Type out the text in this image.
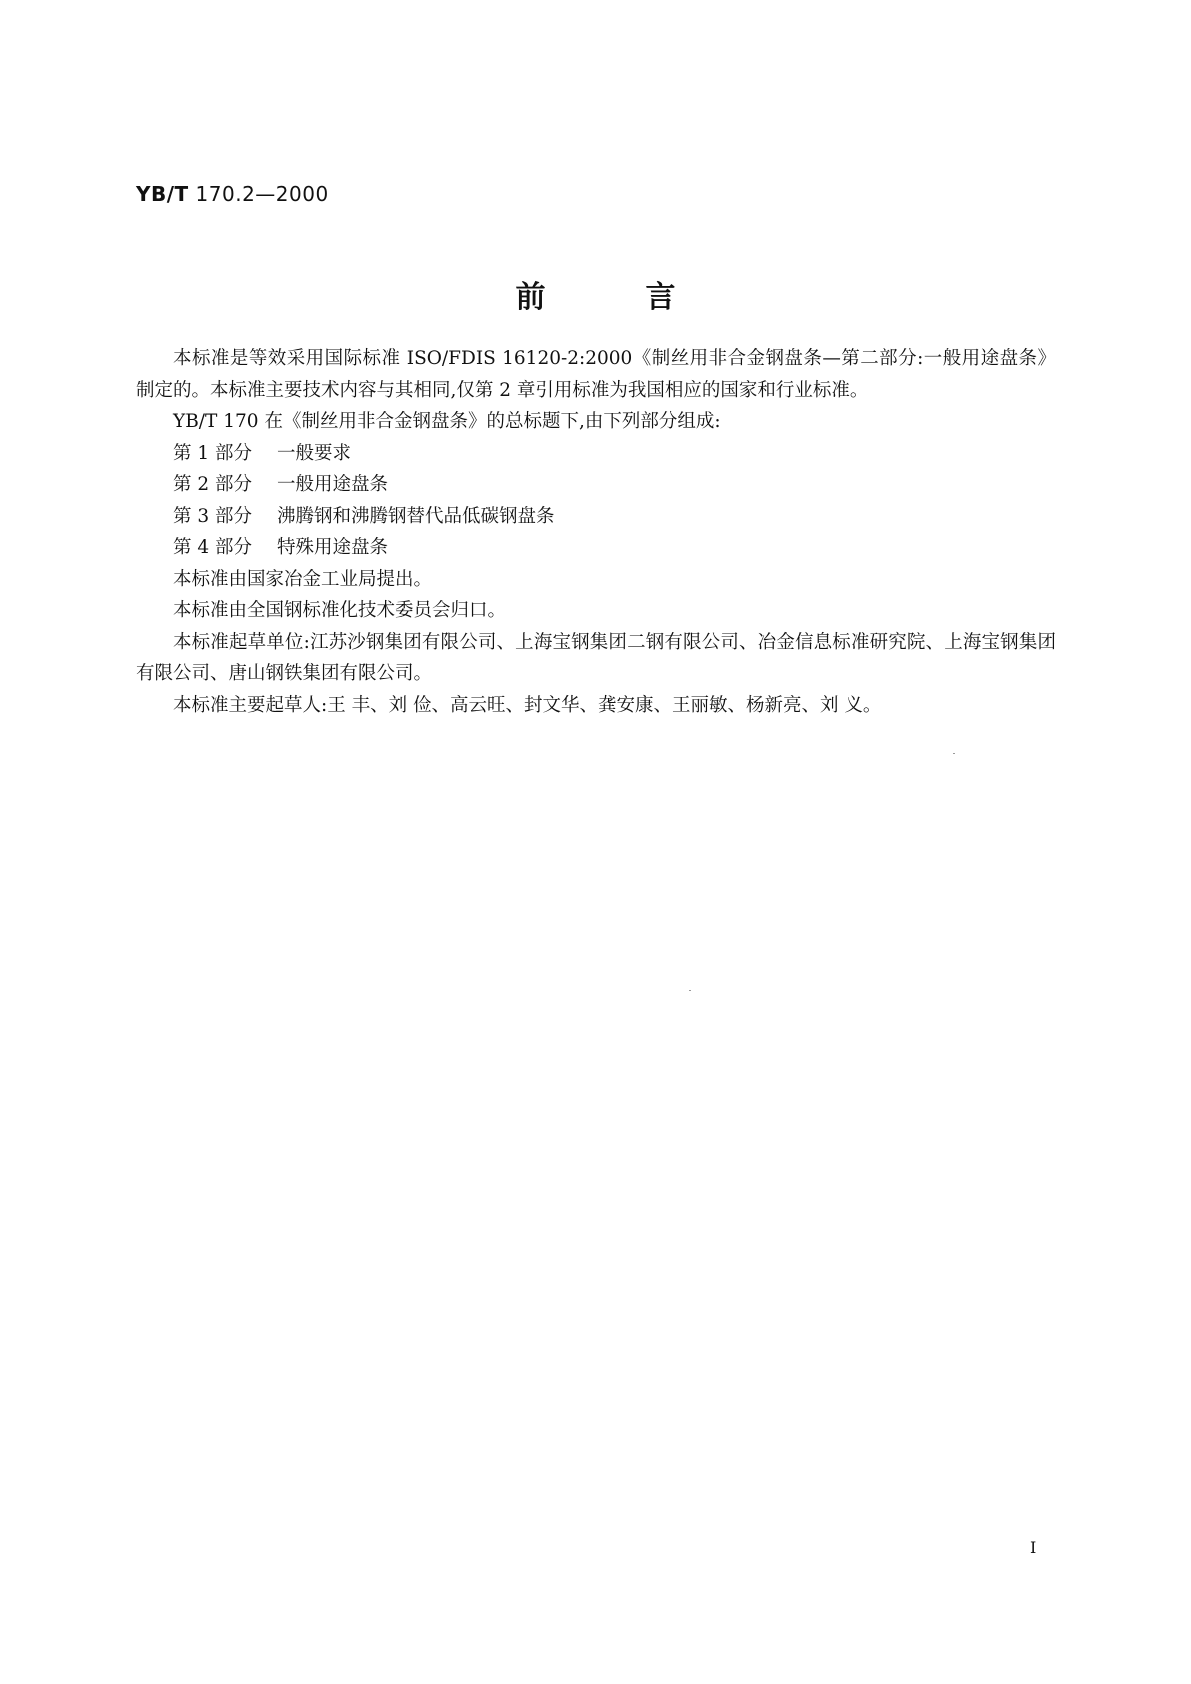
YB/T 170.2—2000
前言

本标准是等效采用国际标准 ISO/FDIS 16120-2:2000《制丝用非合金钢盘条—第二部分:一般用途盘条》制定的。本标准主要技术内容与其相同,仅第 2 章引用标准为我国相应的国家和行业标准。

YB/T 170 在《制丝用非合金钢盘条》的总标题下,由下列部分组成:

第 1 部分 一般要求
第 2 部分 一般用途盘条
第 3 部分 沸腾钢和沸腾钢替代品低碳钢盘条
第 4 部分 特殊用途盘条

本标准由国家冶金工业局提出。

本标准由全国钢标准化技术委员会归口。

本标准起草单位:江苏沙钢集团有限公司、上海宝钢集团二钢有限公司、冶金信息标准研究院、上海宝钢集团有限公司、唐山钢铁集团有限公司。

本标准主要起草人:王 丰、刘 俭、高云旺、封文华、龚安康、王丽敏、杨新亮、刘 义。

I
